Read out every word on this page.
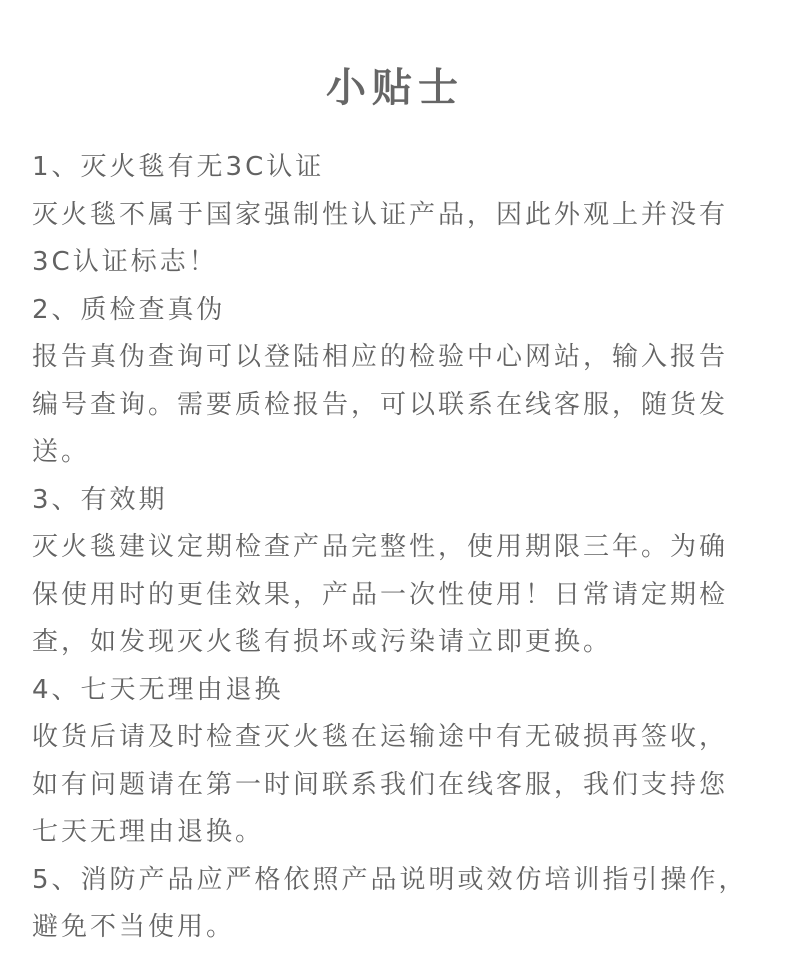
小贴士
1、灭火毯有无3C认证
灭火毯不属于国家强制性认证产品，因此外观上并没有
3C认证标志！
2、质检查真伪
报告真伪查询可以登陆相应的检验中心网站，输入报告
编号查询。需要质检报告，可以联系在线客服，随货发
送。
3、有效期
灭火毯建议定期检查产品完整性，使用期限三年。为确
保使用时的更佳效果，产品一次性使用！日常请定期检
查，如发现灭火毯有损坏或污染请立即更换。
4、七天无理由退换
收货后请及时检查灭火毯在运输途中有无破损再签收，
如有问题请在第一时间联系我们在线客服，我们支持您
七天无理由退换。
5、消防产品应严格依照产品说明或效仿培训指引操作，
避免不当使用。
